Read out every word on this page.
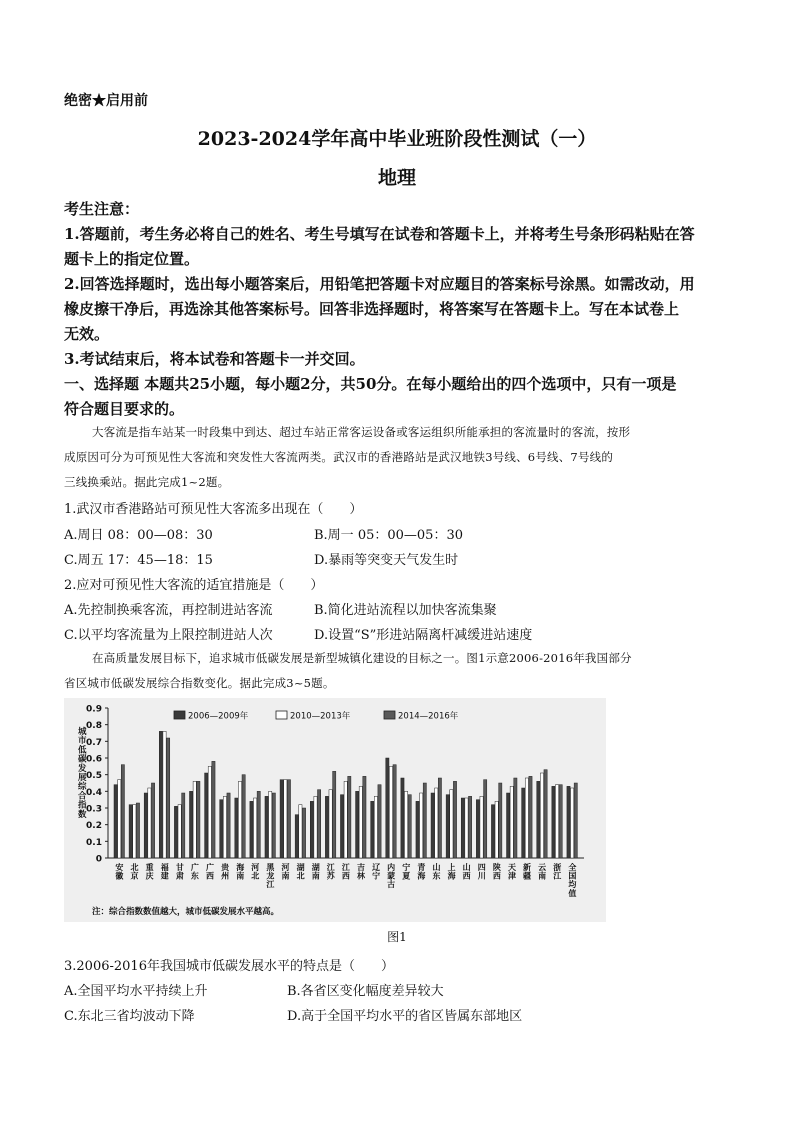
绝密★启用前
2023-2024学年高中毕业班阶段性测试（一）
地理
考生注意：
1.答题前，考生务必将自己的姓名、考生号填写在试卷和答题卡上，并将考生号条形码粘贴在答
题卡上的指定位置。
2.回答选择题时，选出每小题答案后，用铅笔把答题卡对应题目的答案标号涂黑。如需改动，用
橡皮擦干净后，再选涂其他答案标号。回答非选择题时，将答案写在答题卡上。写在本试卷上
无效。
3.考试结束后，将本试卷和答题卡一并交回。
一、选择题 本题共25小题，每小题2分，共50分。在每小题给出的四个选项中，只有一项是
符合题目要求的。
大客流是指车站某一时段集中到达、超过车站正常客运设备或客运组织所能承担的客流量时的客流，按形
成原因可分为可预见性大客流和突发性大客流两类。武汉市的香港路站是武汉地铁3号线、6号线、7号线的
三线换乘站。据此完成1~2题。
1.武汉市香港路站可预见性大客流多出现在（　　）
A.周日 08：00—08：30	B.周一 05：00—05：30
C.周五 17：45—18：15	D.暴雨等突变天气发生时
2.应对可预见性大客流的适宜措施是（　　）
A.先控制换乘客流，再控制进站客流	B.简化进站流程以加快客流集聚
C.以平均客流量为上限控制进站人次	D.设置“S”形进站隔离杆减缓进站速度
在高质量发展目标下，追求城市低碳发展是新型城镇化建设的目标之一。图1示意2006-2016年我国部分
省区城市低碳发展综合指数变化。据此完成3~5题。
0.9
0.8
0.7
0.6
0.5
0.4
0.3
0.2
0.1
0
城市低碳发展综合指数
2006—2009年	2010—2013年	2014—2016年
安徽
北京
重庆
福建
甘肃
广东
广西
贵州
海南
河北
黑龙江
河南
湖北
湖南
江苏
江西
吉林
辽宁
内蒙古
宁夏
青海
山东
上海
山西
四川
陕西
天津
新疆
云南
浙江
全国均值
注：综合指数数值越大，城市低碳发展水平越高。
图1
3.2006-2016年我国城市低碳发展水平的特点是（　　）
A.全国平均水平持续上升	B.各省区变化幅度差异较大
C.东北三省均波动下降	D.高于全国平均水平的省区皆属东部地区
